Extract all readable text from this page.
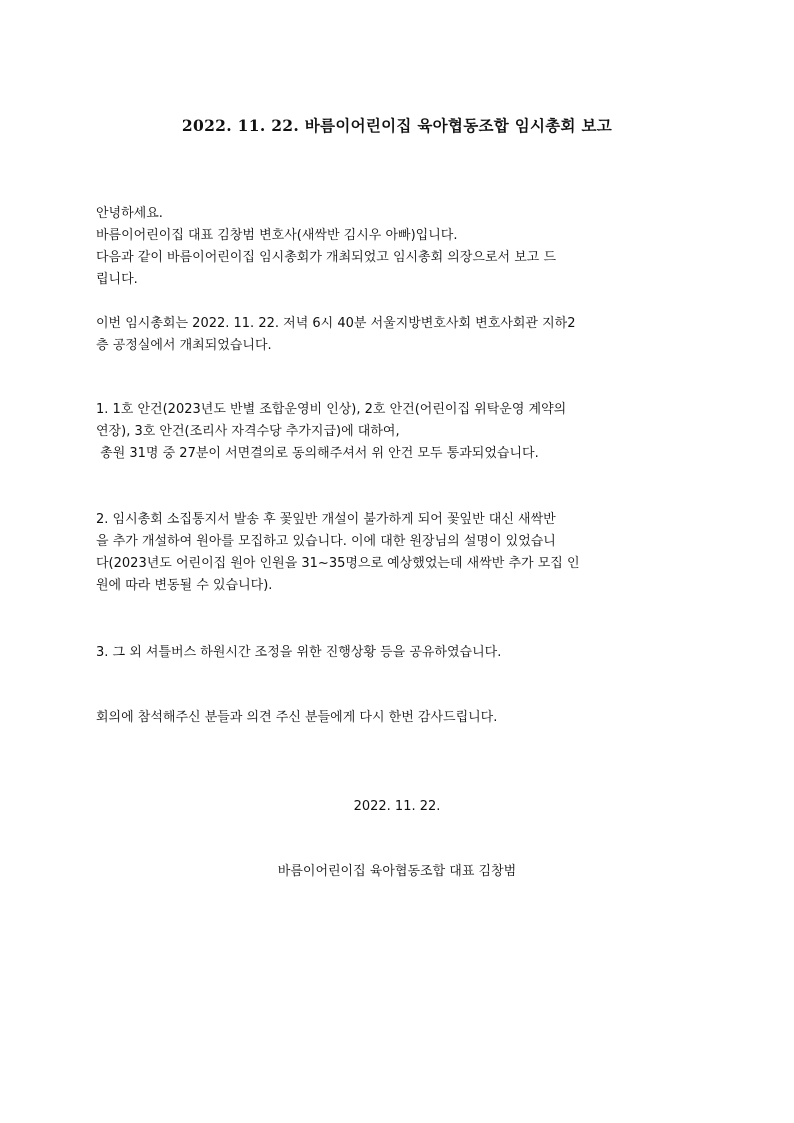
2022. 11. 22. 바름이어린이집 육아협동조합 임시총회 보고
안녕하세요.
바름이어린이집 대표 김창범 변호사(새싹반 김시우 아빠)입니다.
다음과 같이 바름이어린이집 임시총회가 개최되었고 임시총회 의장으로서 보고 드
립니다.
이번 임시총회는 2022. 11. 22. 저녁 6시 40분 서울지방변호사회 변호사회관 지하2
층 공정실에서 개최되었습니다.
1. 1호 안건(2023년도 반별 조합운영비 인상), 2호 안건(어린이집 위탁운영 계약의
연장), 3호 안건(조리사 자격수당 추가지급)에 대하여,
총원 31명 중 27분이 서면결의로 동의해주셔서 위 안건 모두 통과되었습니다.
2. 임시총회 소집통지서 발송 후 꽃잎반 개설이 불가하게 되어 꽃잎반 대신 새싹반
을 추가 개설하여 원아를 모집하고 있습니다. 이에 대한 원장님의 설명이 있었습니
다(2023년도 어린이집 원아 인원을 31~35명으로 예상했었는데 새싹반 추가 모집 인
원에 따라 변동될 수 있습니다).
3. 그 외 셔틀버스 하원시간 조정을 위한 진행상황 등을 공유하였습니다.
회의에 참석해주신 분들과 의견 주신 분들에게 다시 한번 감사드립니다.
2022. 11. 22.
바름이어린이집 육아협동조합 대표 김창범
